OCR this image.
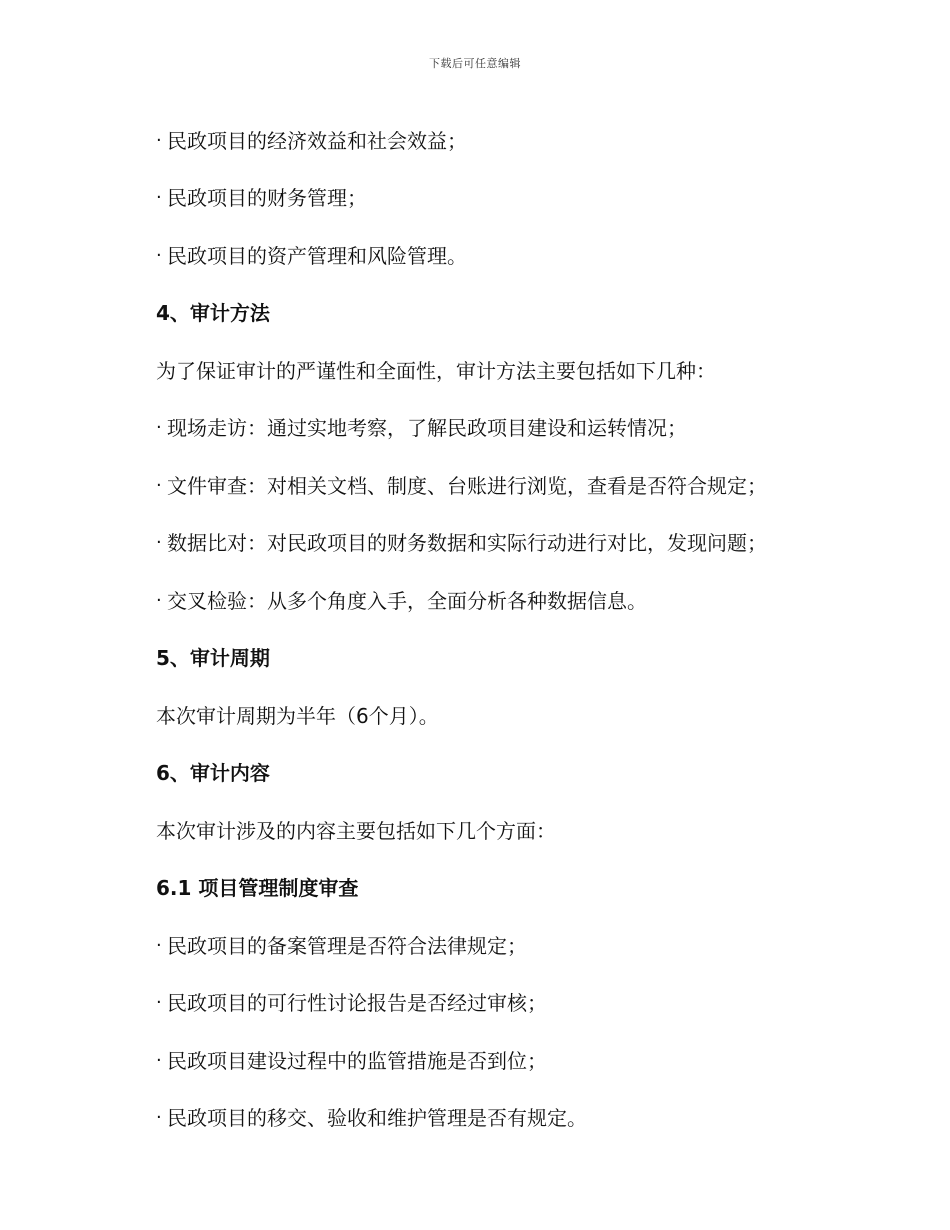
下载后可任意编辑
· 民政项目的经济效益和社会效益；
· 民政项目的财务管理；
· 民政项目的资产管理和风险管理。
4、审计方法
为了保证审计的严谨性和全面性，审计方法主要包括如下几种：
· 现场走访：通过实地考察，了解民政项目建设和运转情况；
· 文件审查：对相关文档、制度、台账进行浏览，查看是否符合规定；
· 数据比对：对民政项目的财务数据和实际行动进行对比，发现问题；
· 交叉检验：从多个角度入手，全面分析各种数据信息。
5、审计周期
本次审计周期为半年（6个月）。
6、审计内容
本次审计涉及的内容主要包括如下几个方面：
6.1 项目管理制度审查
· 民政项目的备案管理是否符合法律规定；
· 民政项目的可行性讨论报告是否经过审核；
· 民政项目建设过程中的监管措施是否到位；
· 民政项目的移交、验收和维护管理是否有规定。
